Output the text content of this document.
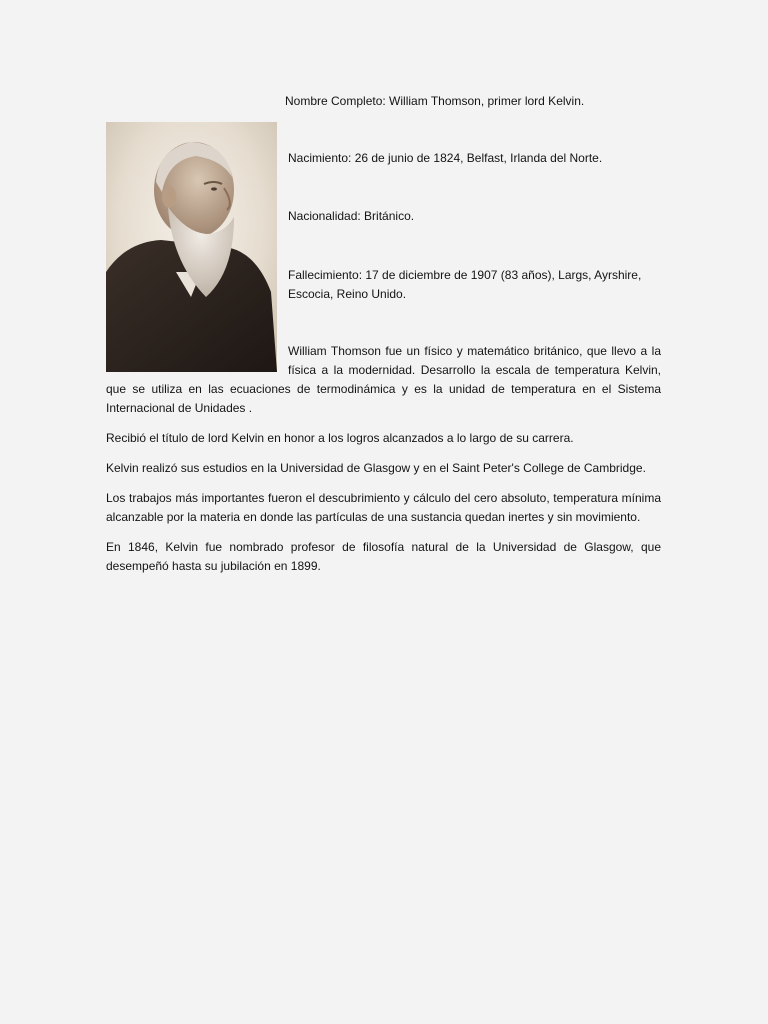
Nombre Completo: William Thomson, primer lord Kelvin.
Nacimiento: 26 de junio de 1824, Belfast, Irlanda del Norte.
Nacionalidad: Británico.
Fallecimiento: 17 de diciembre de 1907 (83 años), Largs, Ayrshire, Escocia, Reino Unido.

William Thomson fue un físico y matemático británico, que llevo a la física a la modernidad. Desarrollo la escala de temperatura Kelvin, que se utiliza en las ecuaciones de termodinámica y es la unidad de temperatura en el Sistema Internacional de Unidades .

Recibió el título de lord Kelvin en honor a los logros alcanzados a lo largo de su carrera.

Kelvin realizó sus estudios en la Universidad de Glasgow y en el Saint Peter's College de Cambridge.

Los trabajos más importantes fueron el descubrimiento y cálculo del cero absoluto, temperatura mínima alcanzable por la materia en donde las partículas de una sustancia quedan inertes y sin movimiento.

En 1846, Kelvin fue nombrado profesor de filosofía natural de la Universidad de Glasgow, que desempeñó hasta su jubilación en 1899.
